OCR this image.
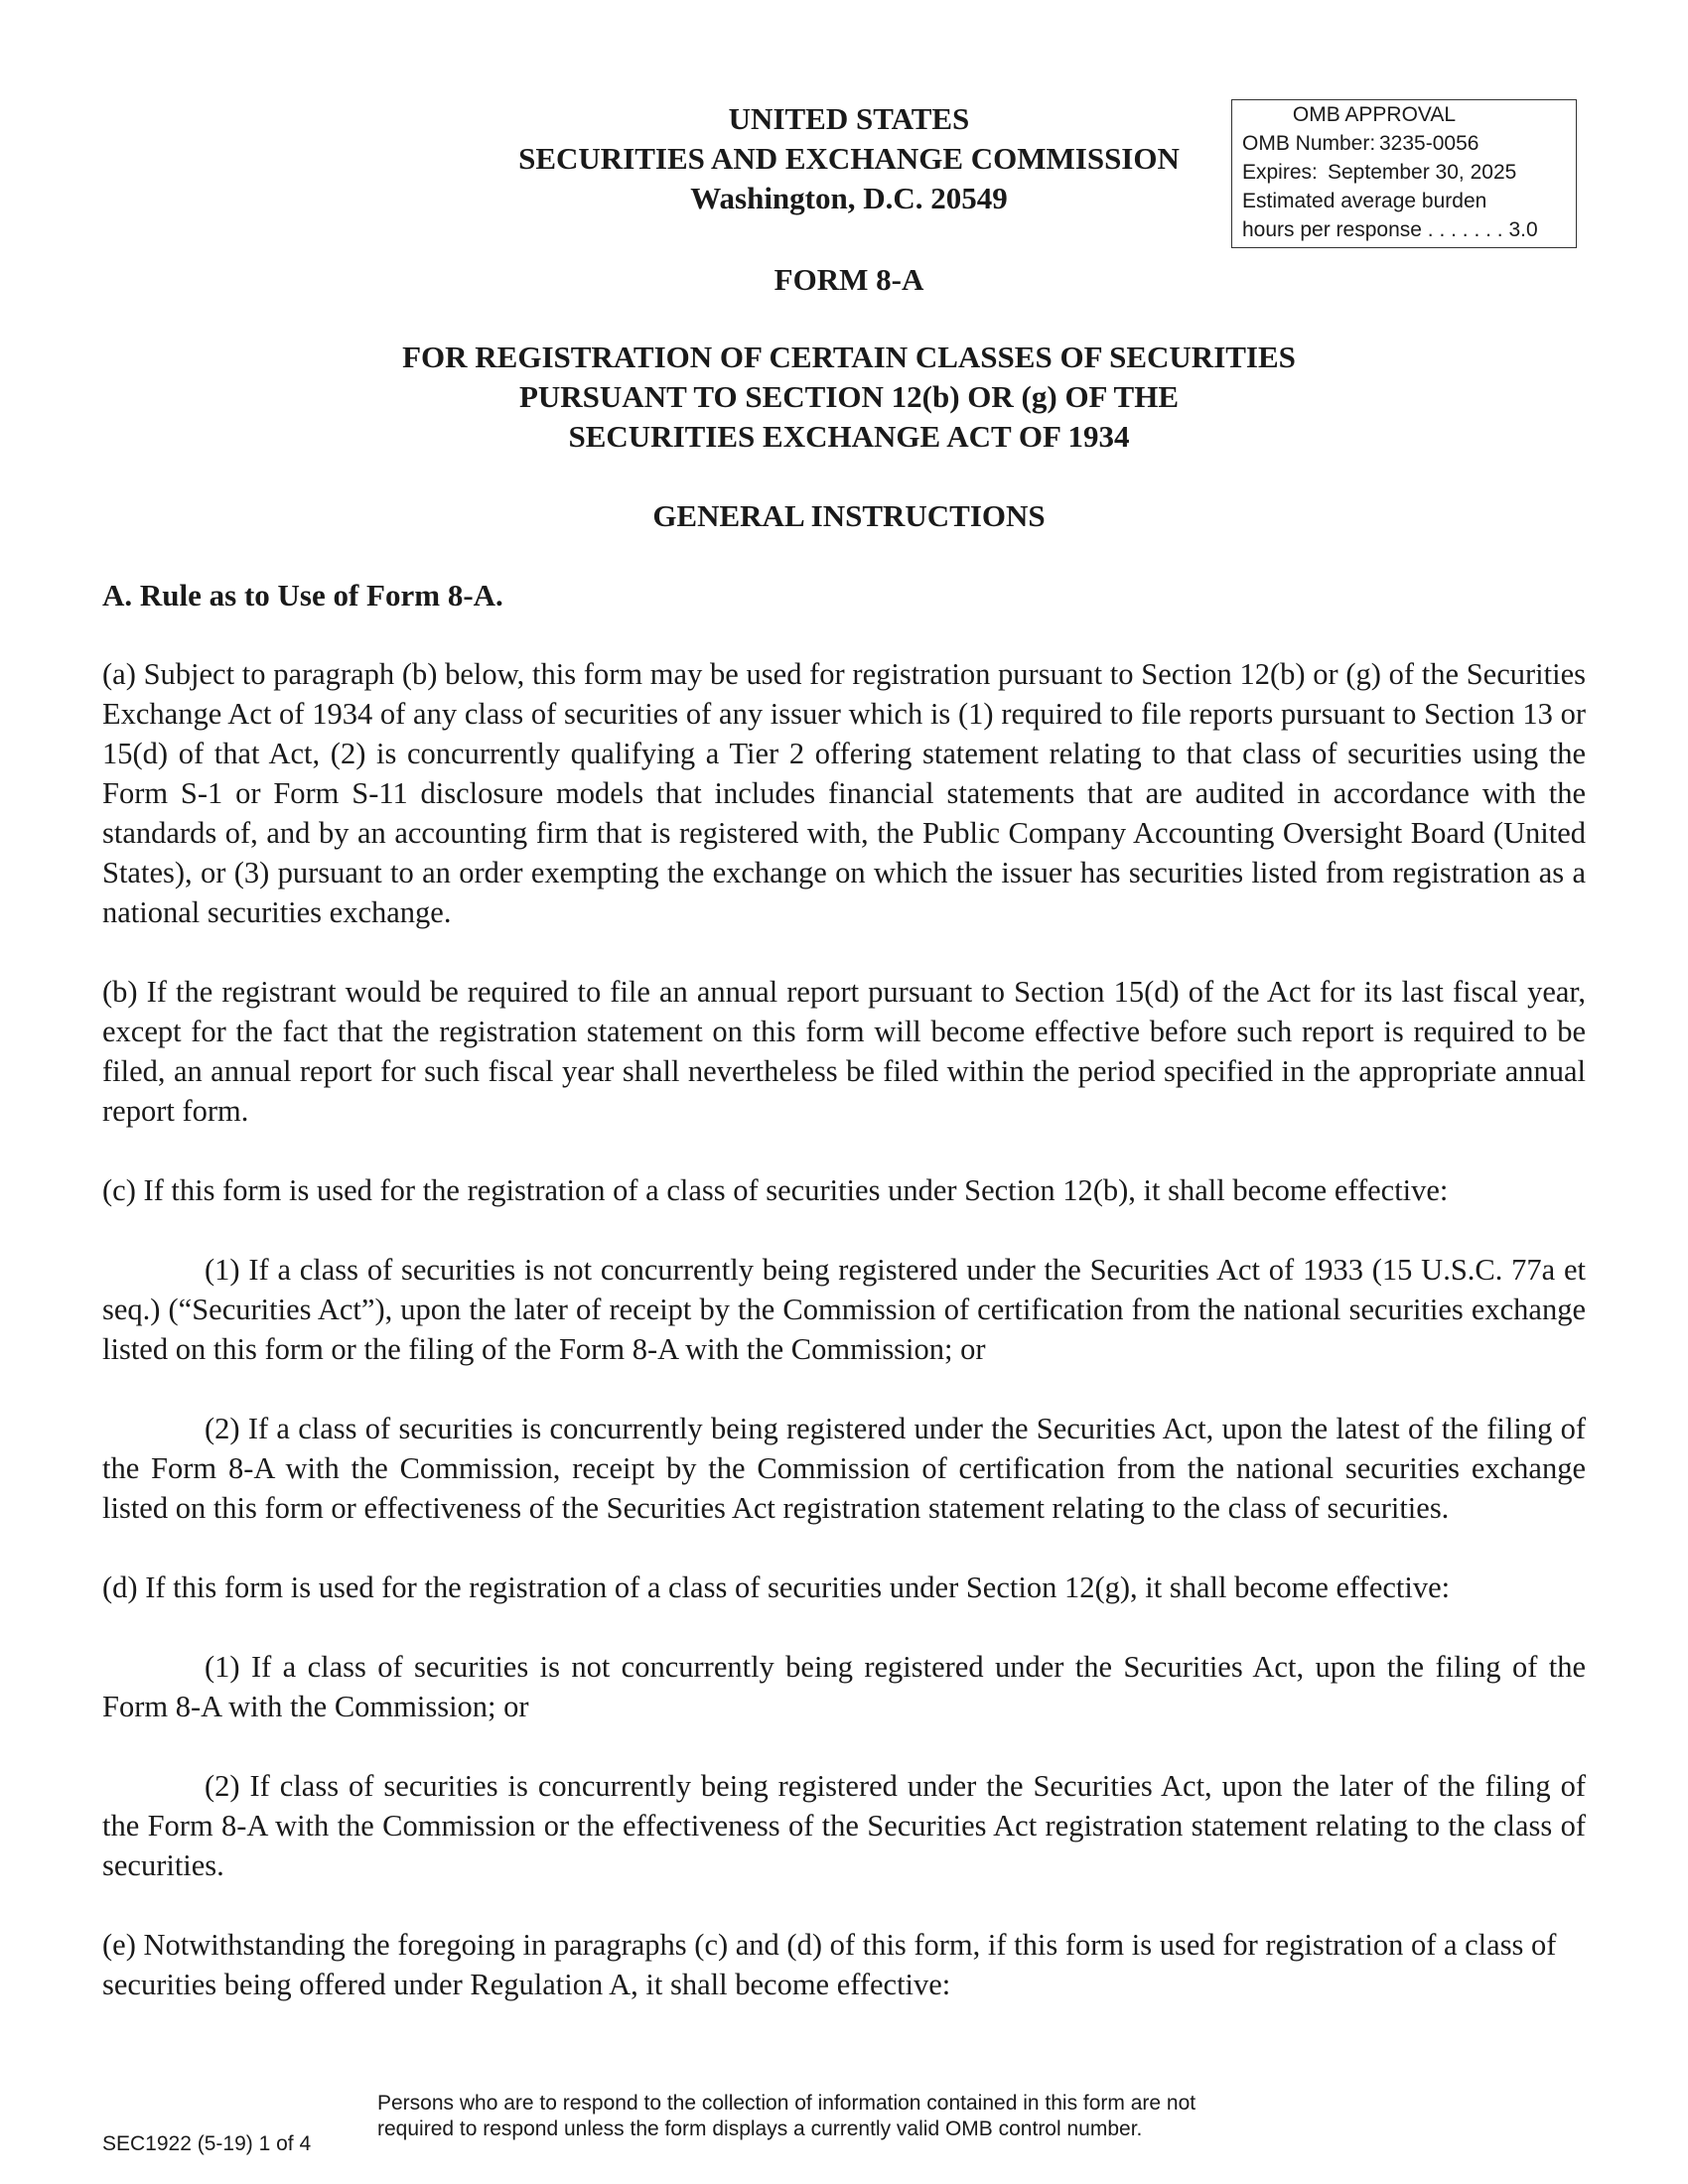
UNITED STATES
SECURITIES AND EXCHANGE COMMISSION
Washington, D.C. 20549
OMB APPROVAL
OMB Number: 3235-0056
Expires: September 30, 2025
Estimated average burden
hours per response . . . . . . . 3.0
FORM 8-A
FOR REGISTRATION OF CERTAIN CLASSES OF SECURITIES
PURSUANT TO SECTION 12(b) OR (g) OF THE
SECURITIES EXCHANGE ACT OF 1934
GENERAL INSTRUCTIONS
A. Rule as to Use of Form 8-A.

(a) Subject to paragraph (b) below, this form may be used for registration pursuant to Section 12(b) or (g) of the Securities Exchange Act of 1934 of any class of securities of any issuer which is (1) required to file reports pursuant to Section 13 or 15(d) of that Act, (2) is concurrently qualifying a Tier 2 offering statement relating to that class of securities using the Form S-1 or Form S-11 disclosure models that includes financial statements that are audited in accordance with the standards of, and by an accounting firm that is registered with, the Public Company Accounting Oversight Board (United States), or (3) pursuant to an order exempting the exchange on which the issuer has securities listed from registration as a national securities exchange.

(b) If the registrant would be required to file an annual report pursuant to Section 15(d) of the Act for its last fiscal year, except for the fact that the registration statement on this form will become effective before such report is required to be filed, an annual report for such fiscal year shall nevertheless be filed within the period specified in the appropriate annual report form.

(c) If this form is used for the registration of a class of securities under Section 12(b), it shall become effective:

(1) If a class of securities is not concurrently being registered under the Securities Act of 1933 (15 U.S.C. 77a et seq.) (“Securities Act”), upon the later of receipt by the Commission of certification from the national securities exchange listed on this form or the filing of the Form 8-A with the Commission; or

(2) If a class of securities is concurrently being registered under the Securities Act, upon the latest of the filing of the Form 8-A with the Commission, receipt by the Commission of certification from the national securities exchange listed on this form or effectiveness of the Securities Act registration statement relating to the class of securities.

(d) If this form is used for the registration of a class of securities under Section 12(g), it shall become effective:

(1) If a class of securities is not concurrently being registered under the Securities Act, upon the filing of the Form 8-A with the Commission; or

(2) If class of securities is concurrently being registered under the Securities Act, upon the later of the filing of the Form 8-A with the Commission or the effectiveness of the Securities Act registration statement relating to the class of securities.

(e) Notwithstanding the foregoing in paragraphs (c) and (d) of this form, if this form is used for registration of a class of securities being offered under Regulation A, it shall become effective:

SEC1922 (5-19) 1 of 4
Persons who are to respond to the collection of information contained in this form are not
required to respond unless the form displays a currently valid OMB control number.
